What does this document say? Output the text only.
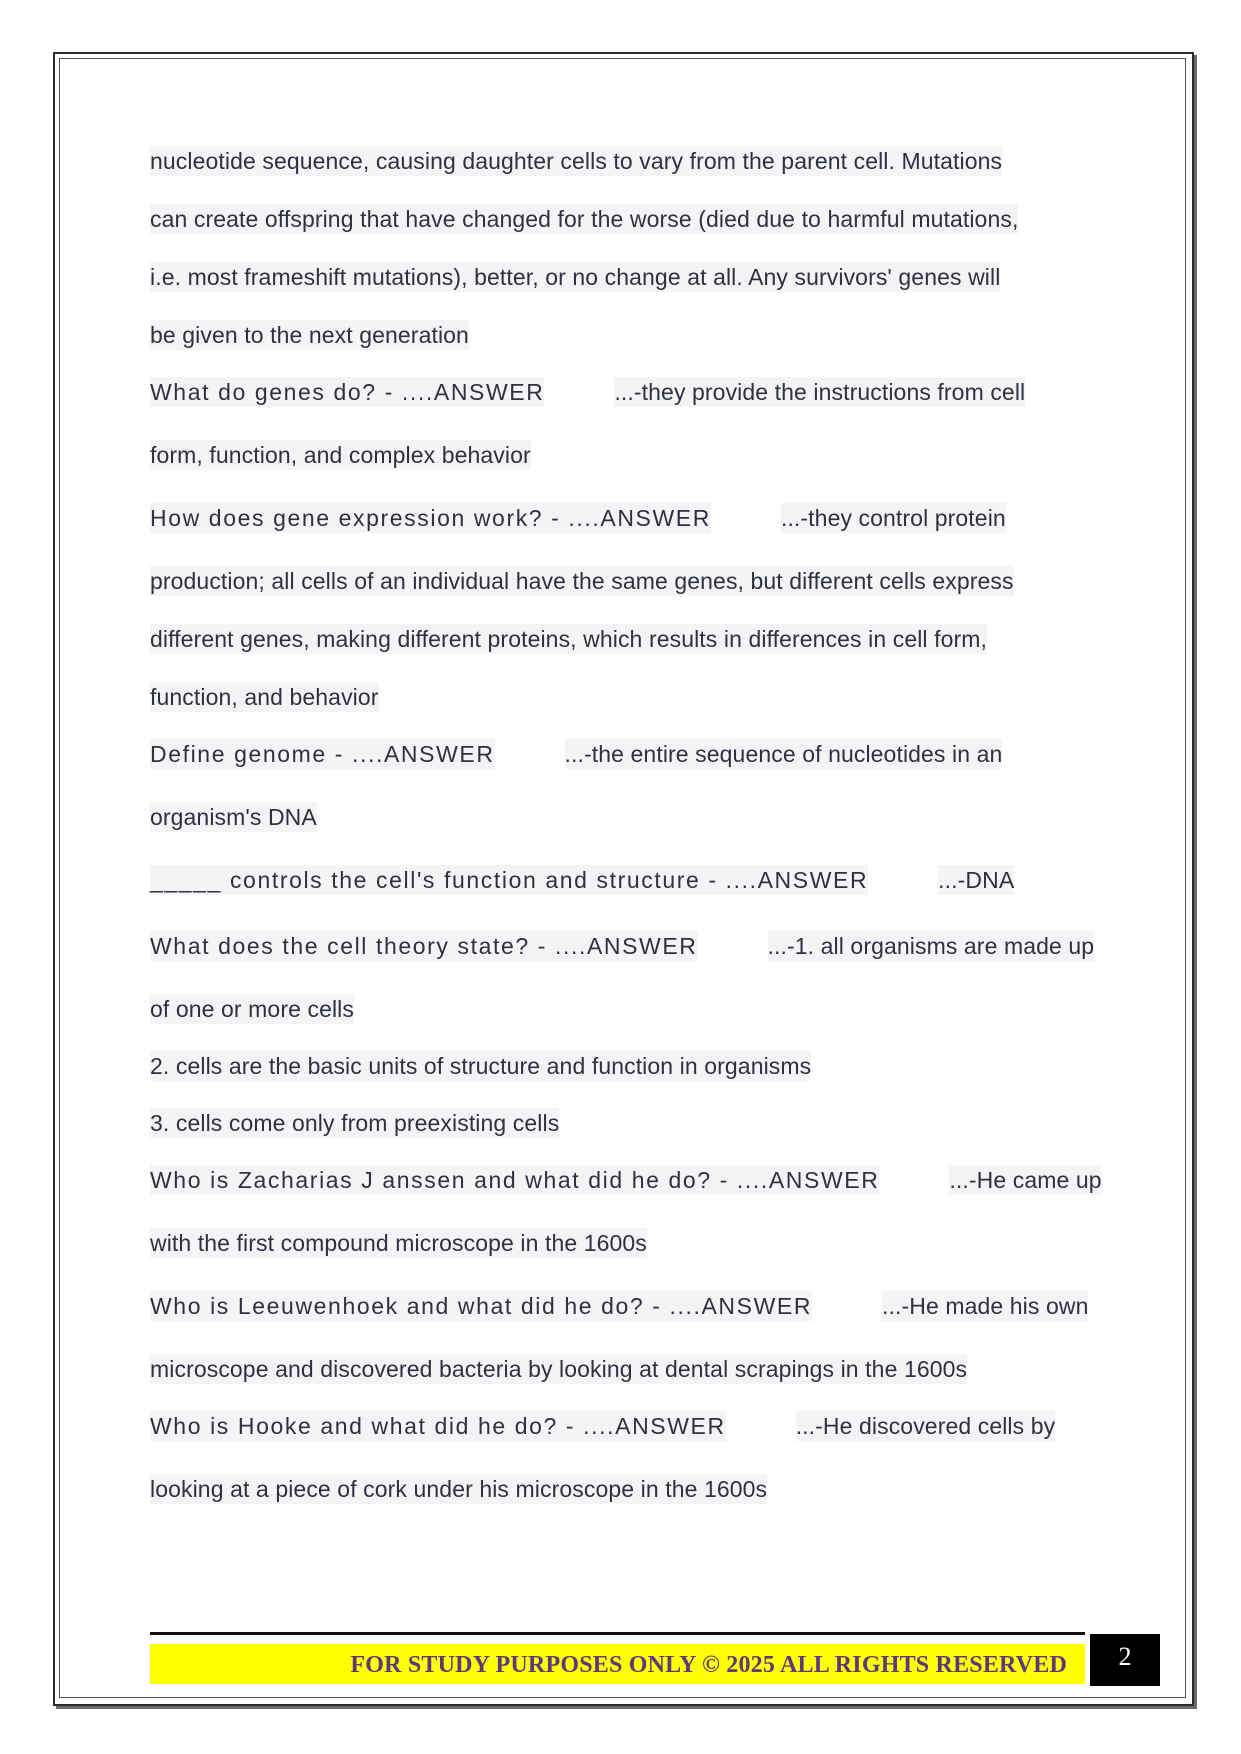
nucleotide sequence, causing daughter cells to vary from the parent cell. Mutations
can create offspring that have changed for the worse (died due to harmful mutations,
i.e. most frameshift mutations), better, or no change at all. Any survivors' genes will
be given to the next generation
What do genes do? - ....ANSWER	...-they provide the instructions from cell
form, function, and complex behavior
How does gene expression work? - ....ANSWER	...-they control protein
production; all cells of an individual have the same genes, but different cells express
different genes, making different proteins, which results in differences in cell form,
function, and behavior
Define genome - ....ANSWER	...-the entire sequence of nucleotides in an
organism's DNA
_____ controls the cell's function and structure - ....ANSWER	...-DNA
What does the cell theory state? - ....ANSWER	...-1. all organisms are made up
of one or more cells
2. cells are the basic units of structure and function in organisms
3. cells come only from preexisting cells
Who is Zacharias J anssen and what did he do? - ....ANSWER	...-He came up
with the first compound microscope in the 1600s
Who is Leeuwenhoek and what did he do? - ....ANSWER	...-He made his own
microscope and discovered bacteria by looking at dental scrapings in the 1600s
Who is Hooke and what did he do? - ....ANSWER	...-He discovered cells by
looking at a piece of cork under his microscope in the 1600s
FOR STUDY PURPOSES ONLY © 2025 ALL RIGHTS RESERVED	2
